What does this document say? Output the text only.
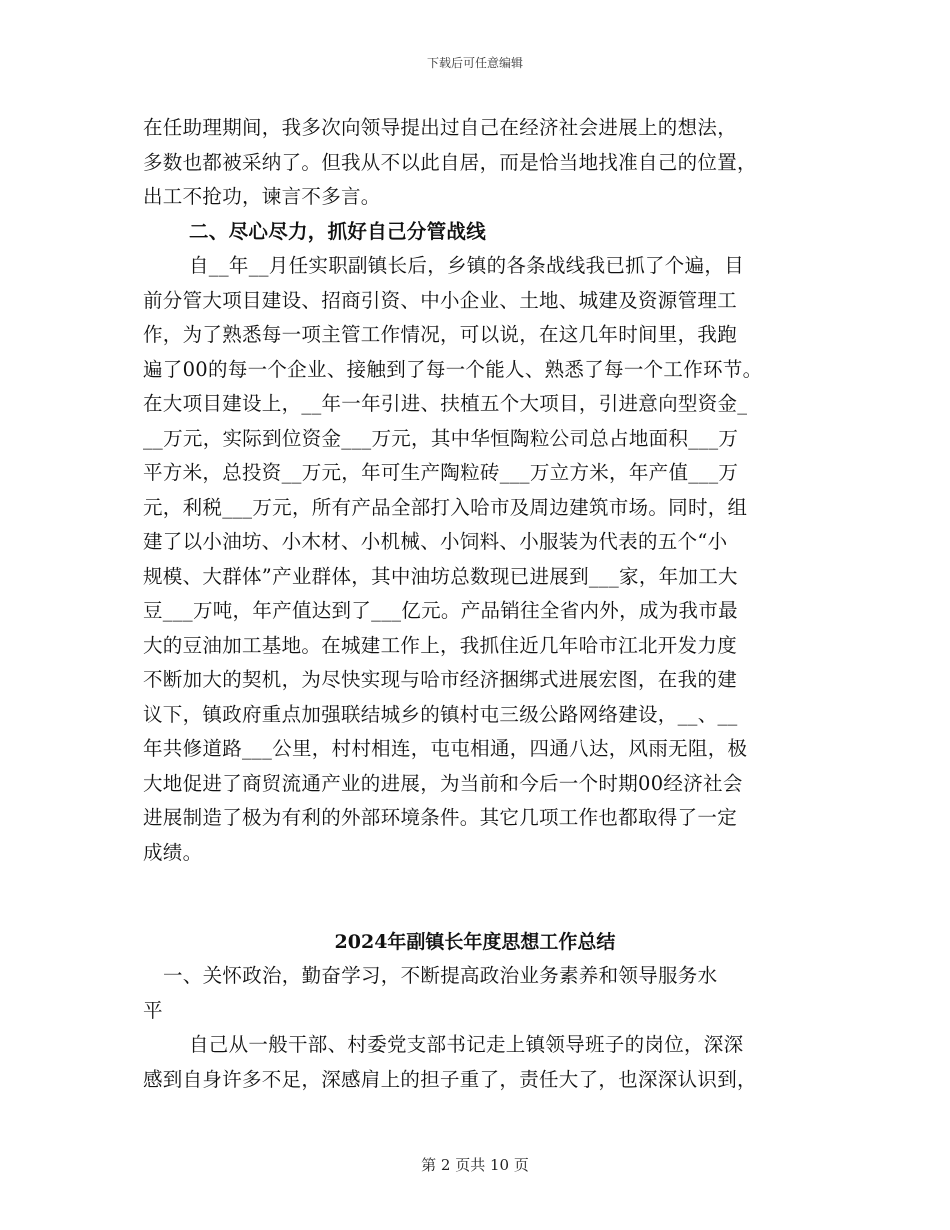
下载后可任意编辑
在任助理期间，我多次向领导提出过自己在经济社会进展上的想法，
多数也都被采纳了。但我从不以此自居，而是恰当地找准自己的位置，
出工不抢功，谏言不多言。
二、尽心尽力，抓好自己分管战线
自__年__月任实职副镇长后，乡镇的各条战线我已抓了个遍，目
前分管大项目建设、招商引资、中小企业、土地、城建及资源管理工
作，为了熟悉每一项主管工作情况，可以说，在这几年时间里，我跑
遍了00的每一个企业、接触到了每一个能人、熟悉了每一个工作环节。
在大项目建设上，__年一年引进、扶植五个大项目，引进意向型资金_
__万元，实际到位资金___万元，其中华恒陶粒公司总占地面积___万
平方米，总投资__万元，年可生产陶粒砖___万立方米，年产值___万
元，利税___万元，所有产品全部打入哈市及周边建筑市场。同时，组
建了以小油坊、小木材、小机械、小饲料、小服装为代表的五个“小
规模、大群体”产业群体，其中油坊总数现已进展到___家，年加工大
豆___万吨，年产值达到了___亿元。产品销往全省内外，成为我市最
大的豆油加工基地。在城建工作上，我抓住近几年哈市江北开发力度
不断加大的契机，为尽快实现与哈市经济捆绑式进展宏图，在我的建
议下，镇政府重点加强联结城乡的镇村屯三级公路网络建设，__、__
年共修道路___公里，村村相连，屯屯相通，四通八达，风雨无阻，极
大地促进了商贸流通产业的进展，为当前和今后一个时期00经济社会
进展制造了极为有利的外部环境条件。其它几项工作也都取得了一定
成绩。
2024年副镇长年度思想工作总结
一、关怀政治，勤奋学习，不断提高政治业务素养和领导服务水
平
自己从一般干部、村委党支部书记走上镇领导班子的岗位，深深
感到自身许多不足，深感肩上的担子重了，责任大了，也深深认识到，
第 2 页共 10 页
